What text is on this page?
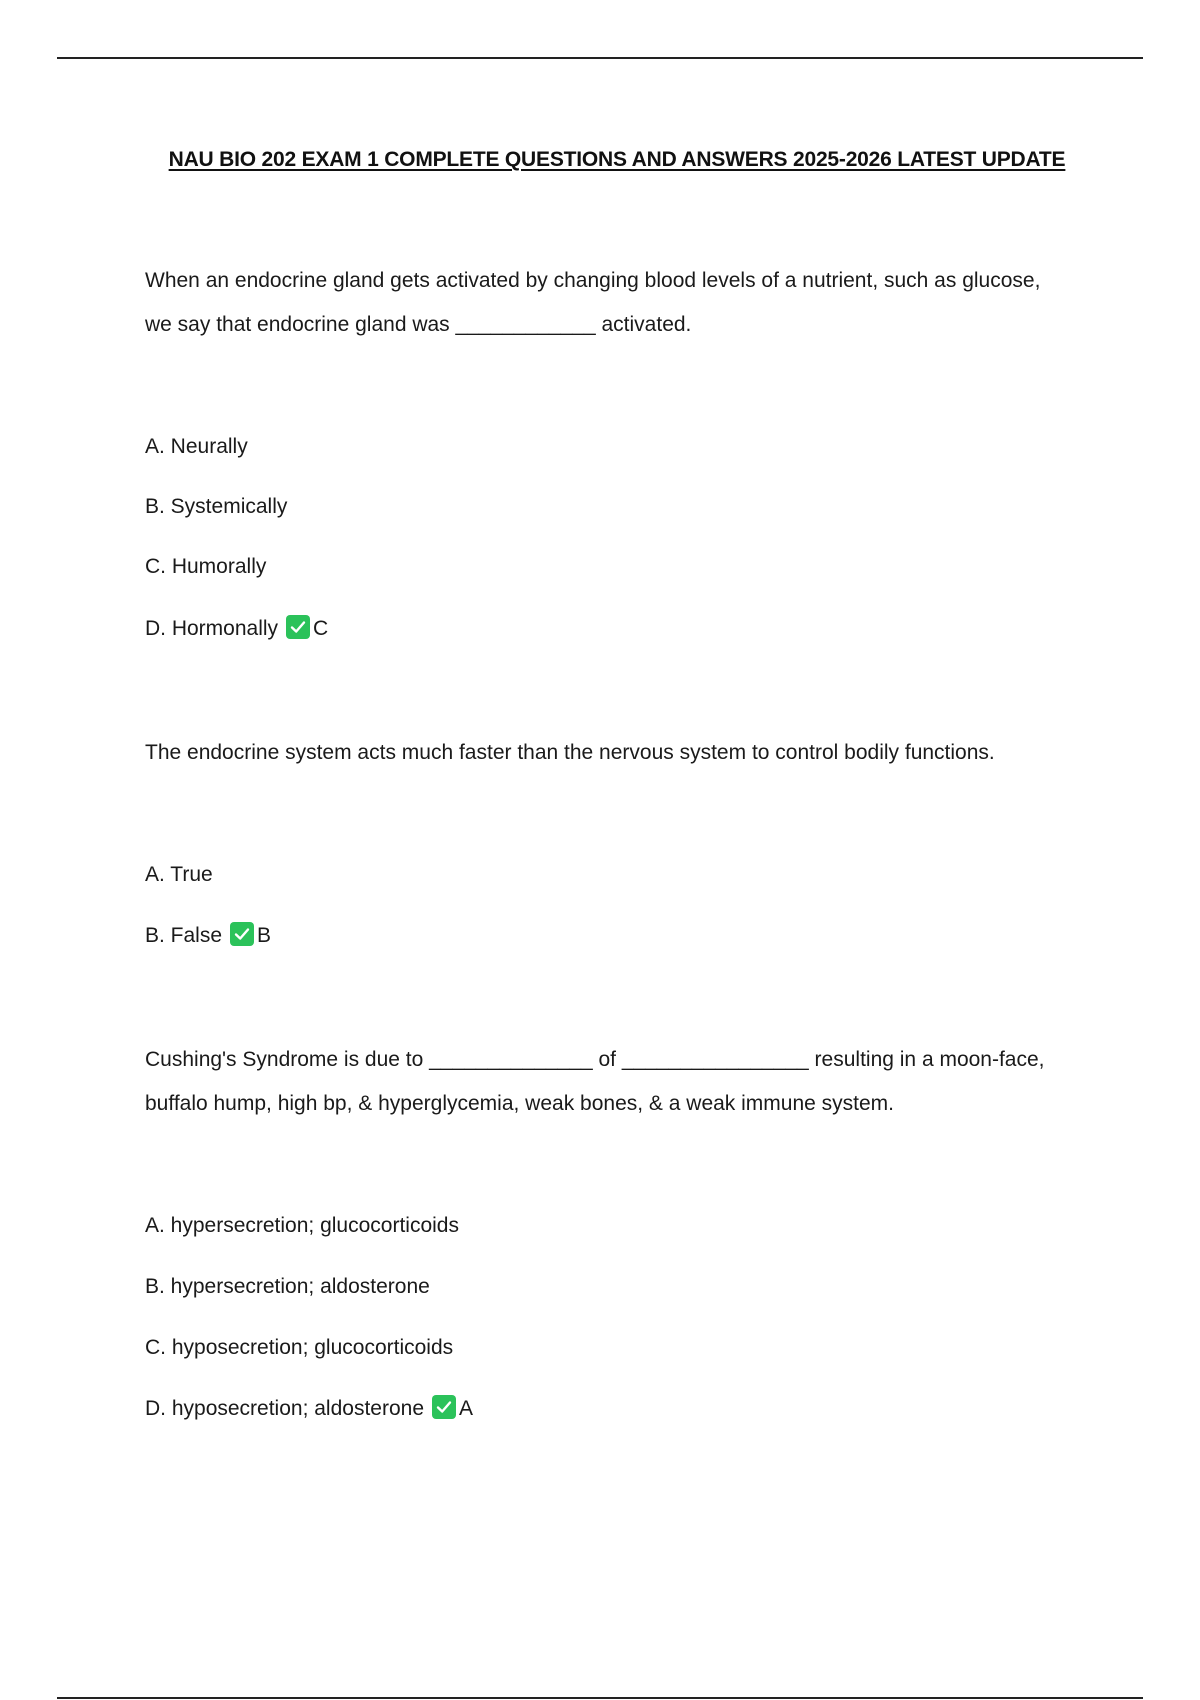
NAU BIO 202 EXAM 1 COMPLETE QUESTIONS AND ANSWERS 2025-2026 LATEST UPDATE
When an endocrine gland gets activated by changing blood levels of a nutrient, such as glucose,
we say that endocrine gland was ____________ activated.

A. Neurally

B. Systemically

C. Humorally

D. Hormonally C

The endocrine system acts much faster than the nervous system to control bodily functions.

A. True

B. False B

Cushing's Syndrome is due to ______________ of ________________ resulting in a moon-face,
buffalo hump, high bp, & hyperglycemia, weak bones, & a weak immune system.

A. hypersecretion; glucocorticoids

B. hypersecretion; aldosterone

C. hyposecretion; glucocorticoids

D. hyposecretion; aldosterone A
